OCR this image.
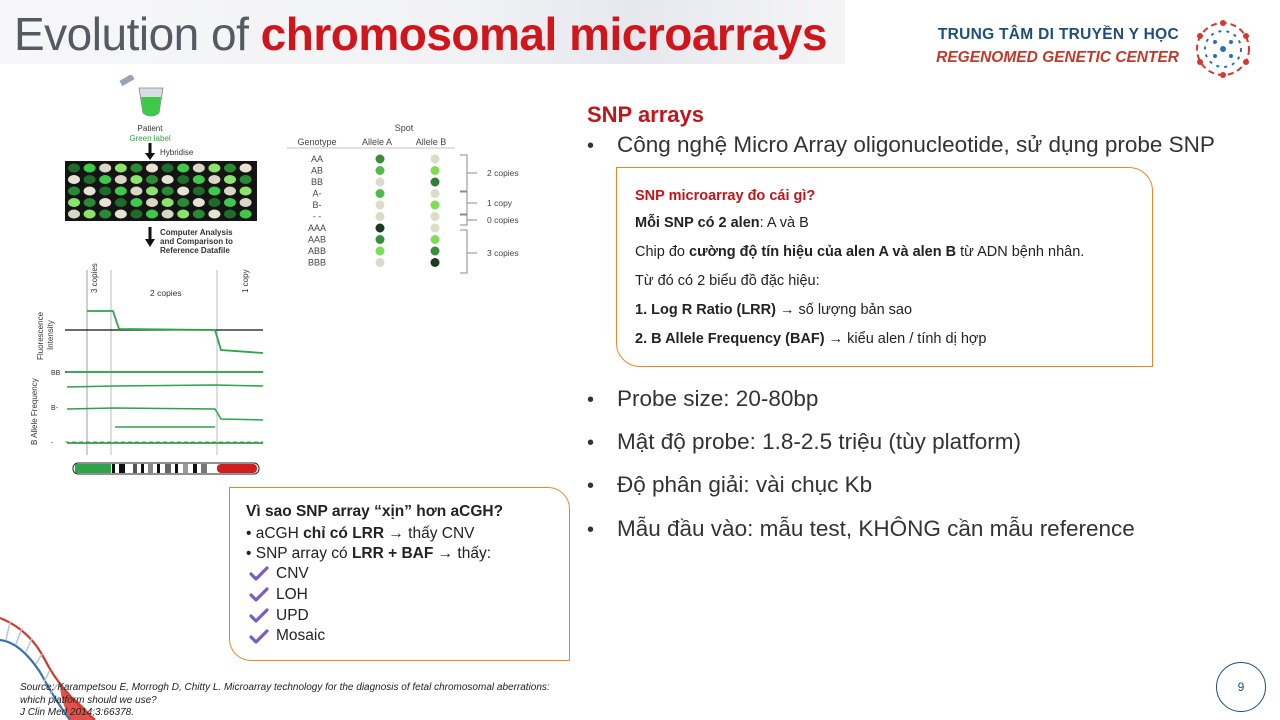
Evolution of chromosomal microarrays	TRUNG TÂM DI TRUYỀN Y HỌC
REGENOMED GENETIC CENTER
Patient
Green label
Hybridise
Computer Analysis
and Comparison to
Reference Datafile
Spot
Genotype	Allele A	Allele B
AA
AB
BB
A-
B-
- -
AAA
AAB
ABB
BBB
2 copies
1 copy
0 copies
3 copies
3 copies	2 copies	1 copy
Fluorescence Intensity
B Allele Frequency
BB
B-
-
SNP arrays
•	Công nghệ Micro Array oligonucleotide, sử dụng probe SNP
SNP microarray đo cái gì?
Mỗi SNP có 2 alen: A và B
Chip đo cường độ tín hiệu của alen A và alen B từ ADN bệnh nhân.
Từ đó có 2 biểu đồ đặc hiệu:
1. Log R Ratio (LRR) → số lượng bản sao
2. B Allele Frequency (BAF) → kiểu alen / tính dị hợp
•	Probe size: 20-80bp
•	Mật độ probe: 1.8-2.5 triệu (tùy platform)
•	Độ phân giải: vài chục Kb
•	Mẫu đầu vào: mẫu test, KHÔNG cần mẫu reference
Vì sao SNP array “xịn” hơn aCGH?
• aCGH chỉ có LRR → thấy CNV
• SNP array có LRR + BAF → thấy:
CNV
LOH
UPD
Mosaic
Source: Karampetsou E, Morrogh D, Chitty L. Microarray technology for the diagnosis of fetal chromosomal aberrations:
which platform should we use?
J Clin Med 2014;3:66378.
9
